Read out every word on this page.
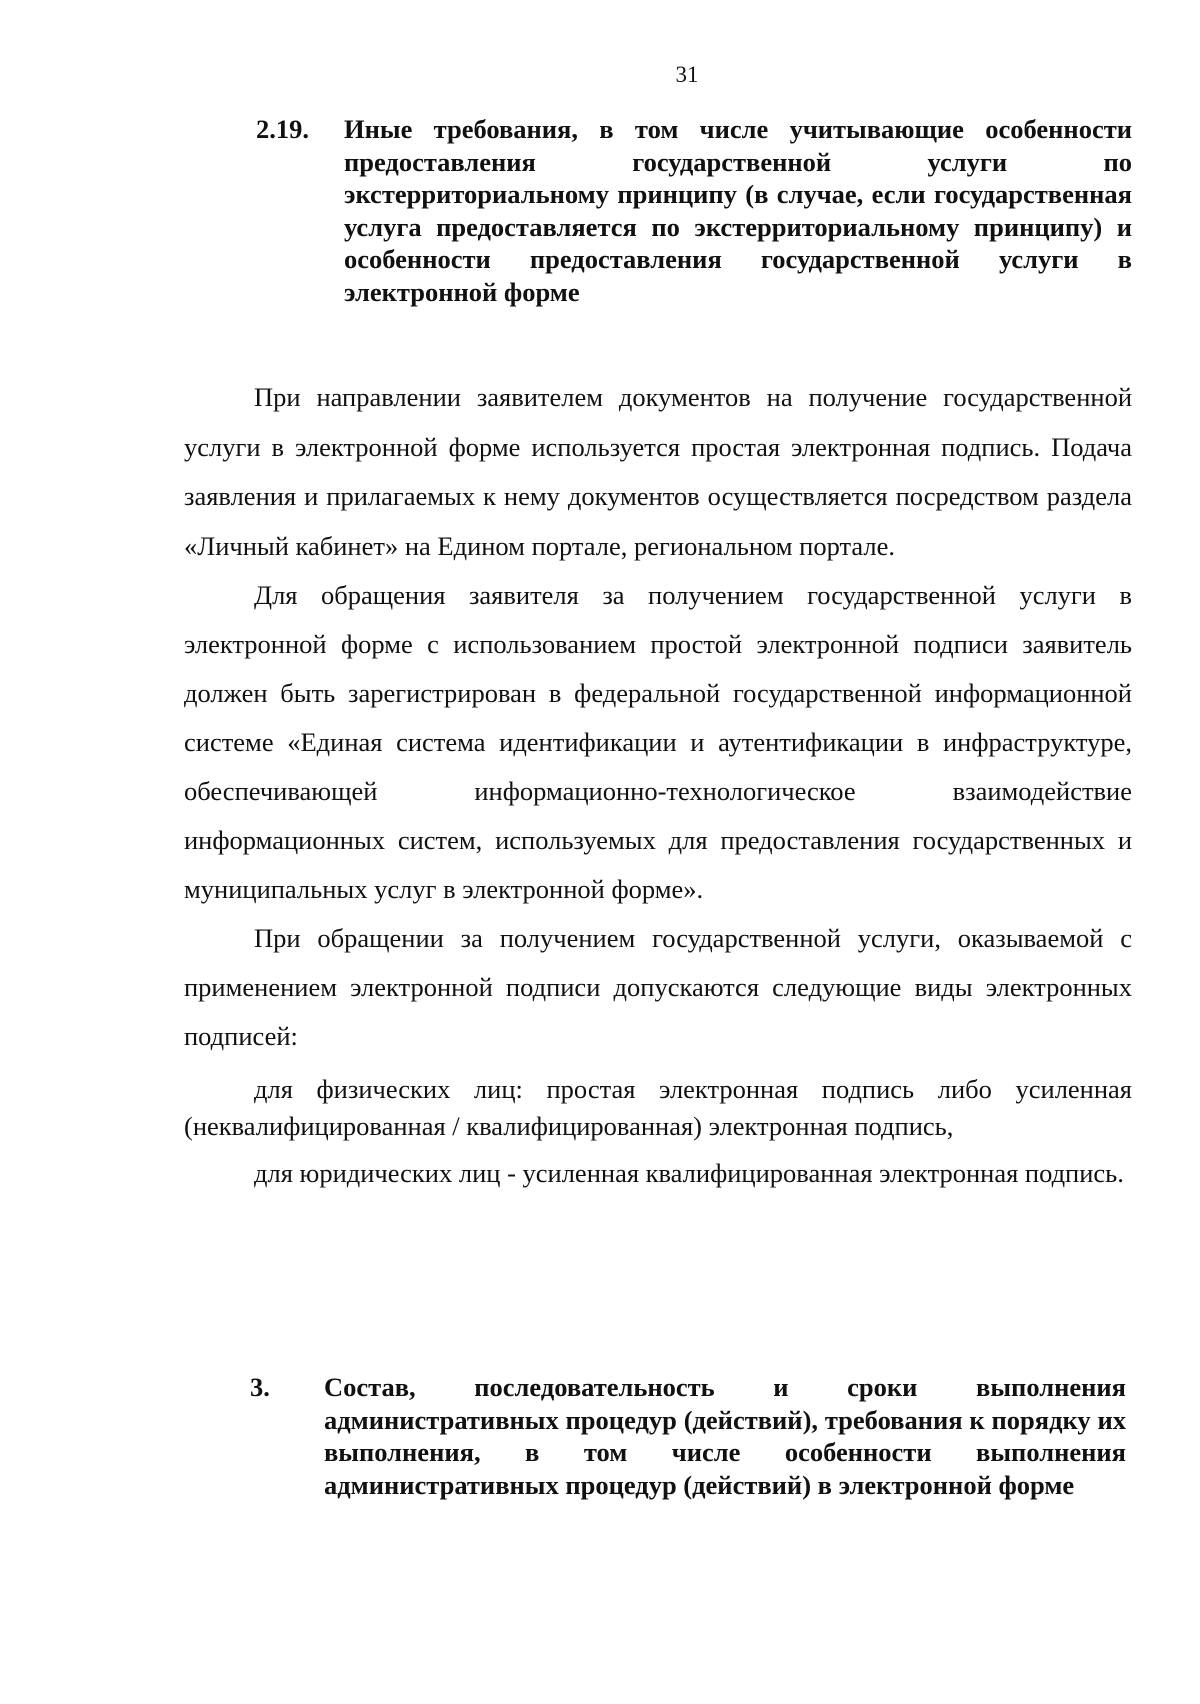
31
2.19. Иные требования, в том числе учитывающие особенности предоставления государственной услуги по экстерриториальному принципу (в случае, если государственная услуга предоставляется по экстерриториальному принципу) и особенности предоставления государственной услуги в электронной форме

При направлении заявителем документов на получение государственной услуги в электронной форме используется простая электронная подпись. Подача заявления и прилагаемых к нему документов осуществляется посредством раздела «Личный кабинет» на Едином портале, региональном портале.

Для обращения заявителя за получением государственной услуги в электронной форме с использованием простой электронной подписи заявитель должен быть зарегистрирован в федеральной государственной информационной системе «Единая система идентификации и аутентификации в инфраструктуре, обеспечивающей информационно-технологическое взаимодействие информационных систем, используемых для предоставления государственных и муниципальных услуг в электронной форме».

При обращении за получением государственной услуги, оказываемой с применением электронной подписи допускаются следующие виды электронных подписей:

для физических лиц: простая электронная подпись либо усиленная (неквалифицированная / квалифицированная) электронная подпись,

для юридических лиц - усиленная квалифицированная электронная подпись.

3. Состав, последовательность и сроки выполнения административных процедур (действий), требования к порядку их выполнения, в том числе особенности выполнения административных процедур (действий) в электронной форме
